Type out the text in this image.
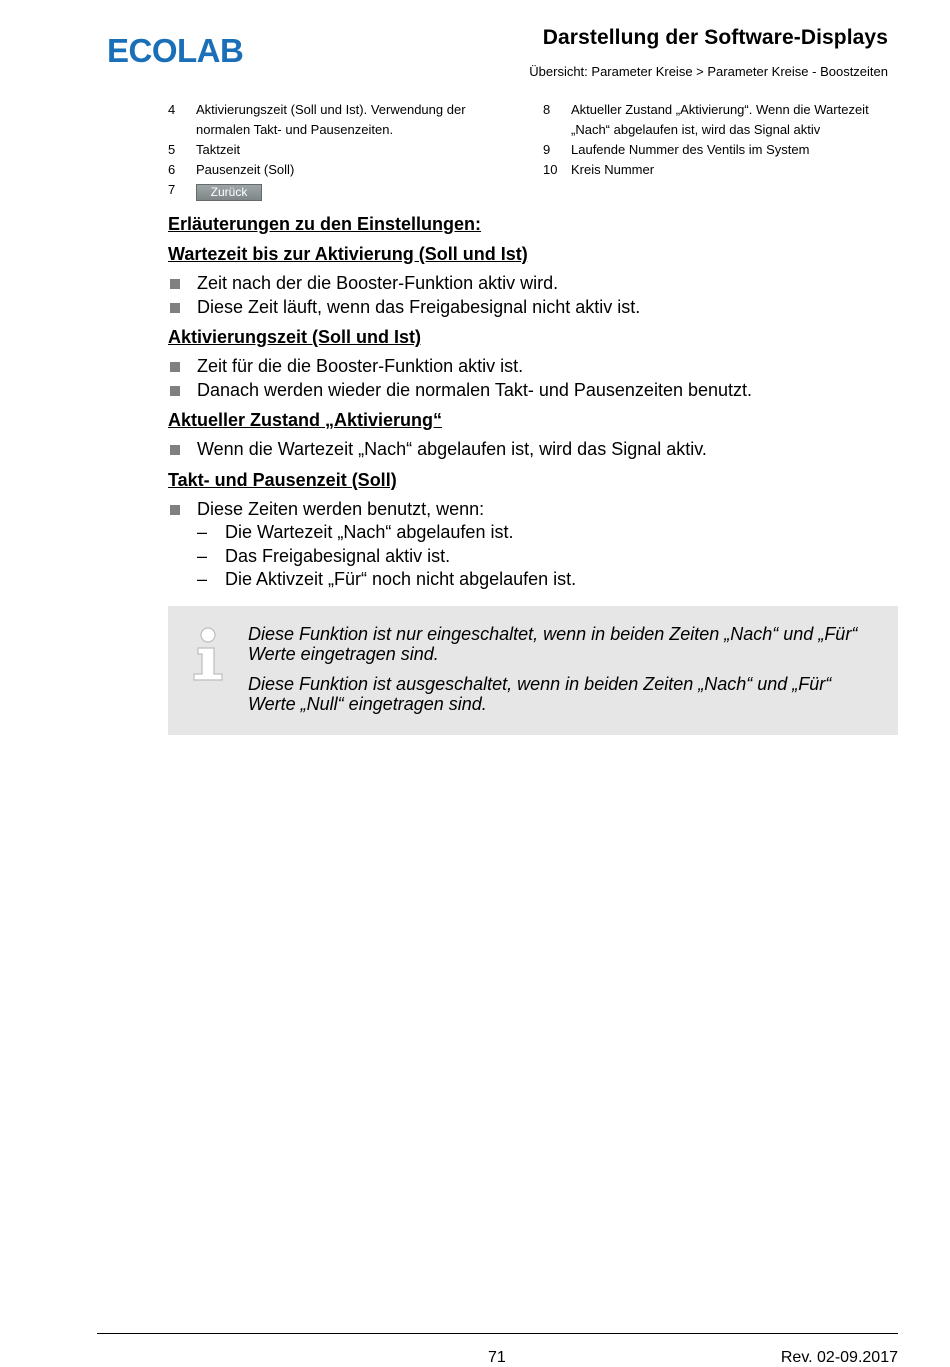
ECOLAB	Darstellung der Software-Displays
Übersicht: Parameter Kreise > Parameter Kreise - Boostzeiten
4	Aktivierungszeit (Soll und Ist). Verwendung der normalen Takt- und Pausenzeiten.
5	Taktzeit
6	Pausenzeit (Soll)
7	Zurück
8	Aktueller Zustand „Aktivierung“. Wenn die Wartezeit „Nach“ abgelaufen ist, wird das Signal aktiv
9	Laufende Nummer des Ventils im System
10	Kreis Nummer
Erläuterungen zu den Einstellungen:
Wartezeit bis zur Aktivierung (Soll und Ist)
Zeit nach der die Booster-Funktion aktiv wird.
Diese Zeit läuft, wenn das Freigabesignal nicht aktiv ist.
Aktivierungszeit (Soll und Ist)
Zeit für die die Booster-Funktion aktiv ist.
Danach werden wieder die normalen Takt- und Pausenzeiten benutzt.
Aktueller Zustand „Aktivierung“
Wenn die Wartezeit „Nach“ abgelaufen ist, wird das Signal aktiv.
Takt- und Pausenzeit (Soll)
Diese Zeiten werden benutzt, wenn:
– Die Wartezeit „Nach“ abgelaufen ist.
– Das Freigabesignal aktiv ist.
– Die Aktivzeit „Für“ noch nicht abgelaufen ist.

Diese Funktion ist nur eingeschaltet, wenn in beiden Zeiten „Nach“ und „Für“ Werte eingetragen sind.

Diese Funktion ist ausgeschaltet, wenn in beiden Zeiten „Nach“ und „Für“ Werte „Null“ eingetragen sind.

71	Rev. 02-09.2017
